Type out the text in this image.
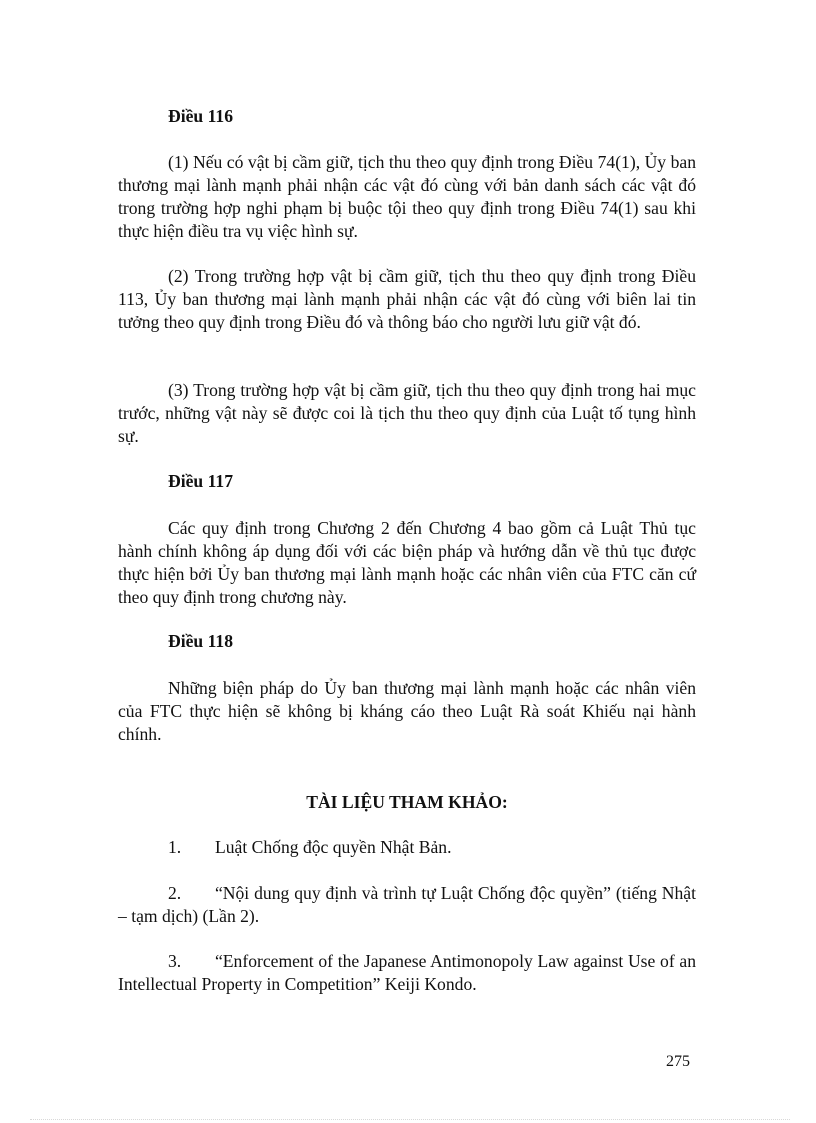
Điều 116

(1) Nếu có vật bị cầm giữ, tịch thu theo quy định trong Điều 74(1), Ủy ban thương mại lành mạnh phải nhận các vật đó cùng với bản danh sách các vật đó trong trường hợp nghi phạm bị buộc tội theo quy định trong Điều 74(1) sau khi thực hiện điều tra vụ việc hình sự.

(2) Trong trường hợp vật bị cầm giữ, tịch thu theo quy định trong Điều 113, Ủy ban thương mại lành mạnh phải nhận các vật đó cùng với biên lai tin tưởng theo quy định trong Điều đó và thông báo cho người lưu giữ vật đó.

(3) Trong trường hợp vật bị cầm giữ, tịch thu theo quy định trong hai mục trước, những vật này sẽ được coi là tịch thu theo quy định của Luật tố tụng hình sự.

Điều 117

Các quy định trong Chương 2 đến Chương 4 bao gồm cả Luật Thủ tục hành chính không áp dụng đối với các biện pháp và hướng dẫn về thủ tục được thực hiện bởi Ủy ban thương mại lành mạnh hoặc các nhân viên của FTC căn cứ theo quy định trong chương này.

Điều 118

Những biện pháp do Ủy ban thương mại lành mạnh hoặc các nhân viên của FTC thực hiện sẽ không bị kháng cáo theo Luật Rà soát Khiếu nại hành chính.

TÀI LIỆU THAM KHẢO:

1. Luật Chống độc quyền Nhật Bản.

2. “Nội dung quy định và trình tự Luật Chống độc quyền” (tiếng Nhật – tạm dịch) (Lần 2).

3. “Enforcement of the Japanese Antimonopoly Law against Use of an Intellectual Property in Competition” Keiji Kondo.

275
